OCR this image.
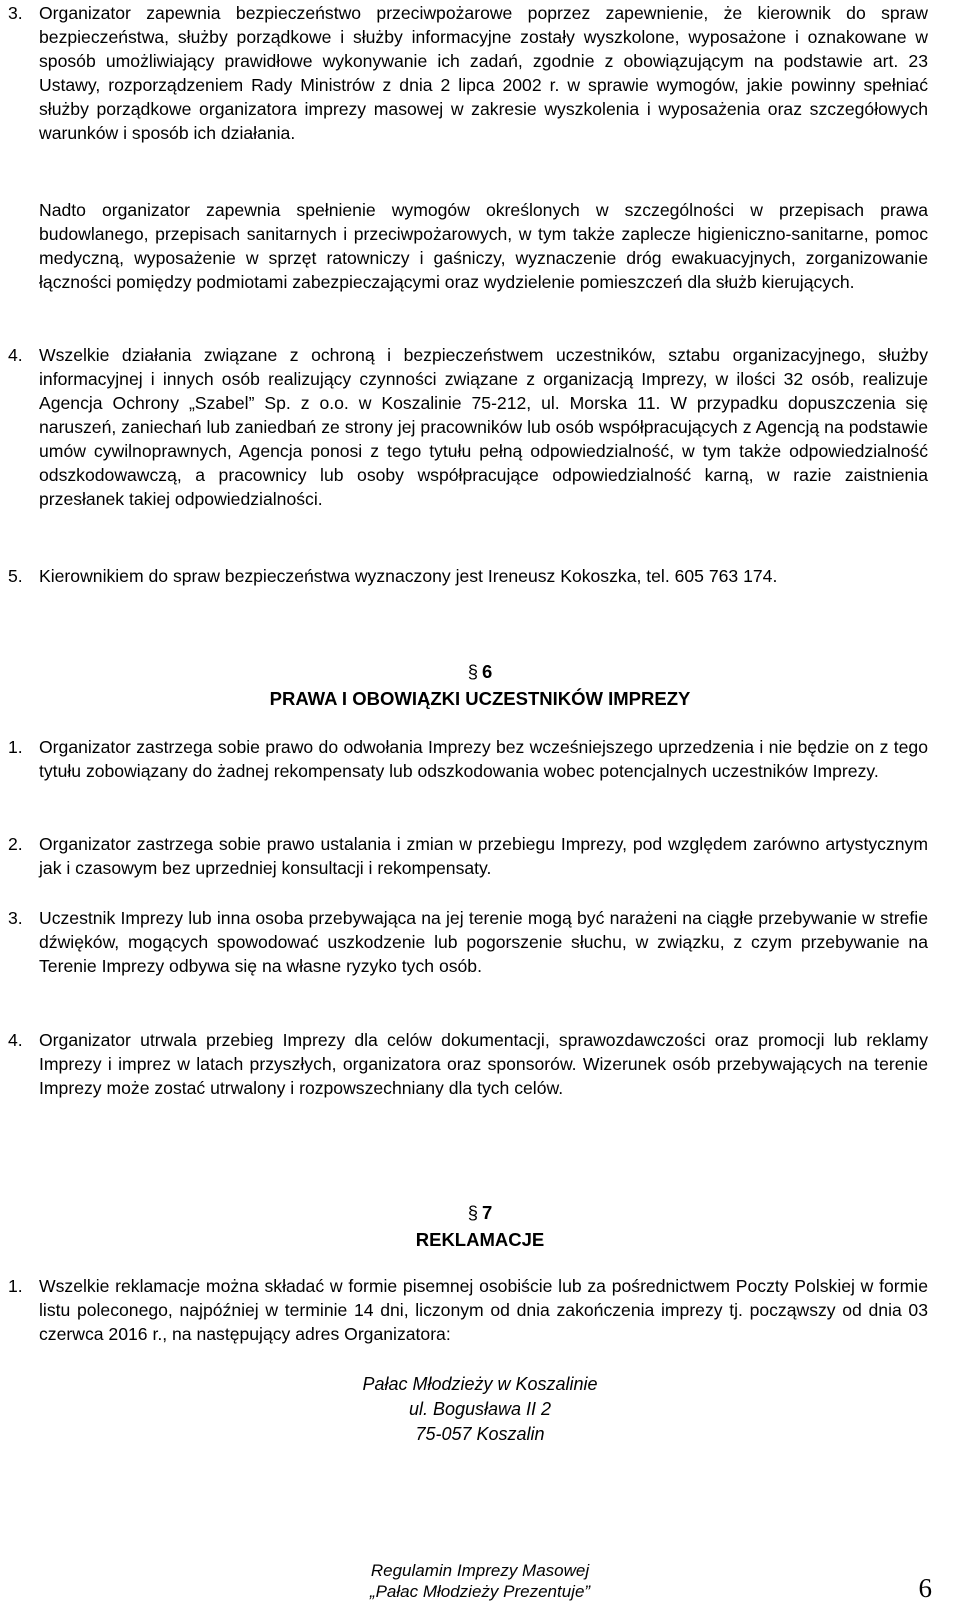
3. Organizator zapewnia bezpieczeństwo przeciwpożarowe poprzez zapewnienie, że kierownik do spraw bezpieczeństwa, służby porządkowe i służby informacyjne zostały wyszkolone, wyposażone i oznakowane w sposób umożliwiający prawidłowe wykonywanie ich zadań, zgodnie z obowiązującym na podstawie art. 23 Ustawy, rozporządzeniem Rady Ministrów z dnia 2 lipca 2002 r. w sprawie wymogów, jakie powinny spełniać służby porządkowe organizatora imprezy masowej w zakresie wyszkolenia i wyposażenia oraz szczegółowych warunków i sposób ich działania.
Nadto organizator zapewnia spełnienie wymogów określonych w szczególności w przepisach prawa budowlanego, przepisach sanitarnych i przeciwpożarowych, w tym także zaplecze higieniczno-sanitarne, pomoc medyczną, wyposażenie w sprzęt ratowniczy i gaśniczy, wyznaczenie dróg ewakuacyjnych, zorganizowanie łączności pomiędzy podmiotami zabezpieczającymi oraz wydzielenie pomieszczeń dla służb kierujących.
4. Wszelkie działania związane z ochroną i bezpieczeństwem uczestników, sztabu organizacyjnego, służby informacyjnej i innych osób realizujący czynności związane z organizacją Imprezy, w ilości 32 osób, realizuje Agencja Ochrony „Szabel” Sp. z o.o. w Koszalinie 75-212, ul. Morska 11. W przypadku dopuszczenia się naruszeń, zaniechań lub zaniedbań ze strony jej pracowników lub osób współpracujących z Agencją na podstawie umów cywilnoprawnych, Agencja ponosi z tego tytułu pełną odpowiedzialność, w tym także odpowiedzialność odszkodowawczą, a pracownicy lub osoby współpracujące odpowiedzialność karną, w razie zaistnienia przesłanek takiej odpowiedzialności.
5. Kierownikiem do spraw bezpieczeństwa wyznaczony jest Ireneusz Kokoszka, tel. 605 763 174.
§ 6
PRAWA I OBOWIĄZKI UCZESTNIKÓW IMPREZY
1. Organizator zastrzega sobie prawo do odwołania Imprezy bez wcześniejszego uprzedzenia i nie będzie on z tego tytułu zobowiązany do żadnej rekompensaty lub odszkodowania wobec potencjalnych uczestników Imprezy.
2. Organizator zastrzega sobie prawo ustalania i zmian w przebiegu Imprezy, pod względem zarówno artystycznym jak i czasowym bez uprzedniej konsultacji i rekompensaty.
3. Uczestnik Imprezy lub inna osoba przebywająca na jej terenie mogą być narażeni na ciągłe przebywanie w strefie dźwięków, mogących spowodować uszkodzenie lub pogorszenie słuchu, w związku, z czym przebywanie na Terenie Imprezy odbywa się na własne ryzyko tych osób.
4. Organizator utrwala przebieg Imprezy dla celów dokumentacji, sprawozdawczości oraz promocji lub reklamy Imprezy i imprez w latach przyszłych, organizatora oraz sponsorów. Wizerunek osób przebywających na terenie Imprezy może zostać utrwalony i rozpowszechniany dla tych celów.
§ 7
REKLAMACJE
1. Wszelkie reklamacje można składać w formie pisemnej osobiście lub za pośrednictwem Poczty Polskiej w formie listu poleconego, najpóźniej w terminie 14 dni, liczonym od dnia zakończenia imprezy tj. począwszy od dnia 03 czerwca 2016 r., na następujący adres Organizatora:
Pałac Młodzieży w Koszalinie
ul. Bogusława II 2
75-057 Koszalin
Regulamin Imprezy Masowej
„Pałac Młodzieży Prezentuje”	6
